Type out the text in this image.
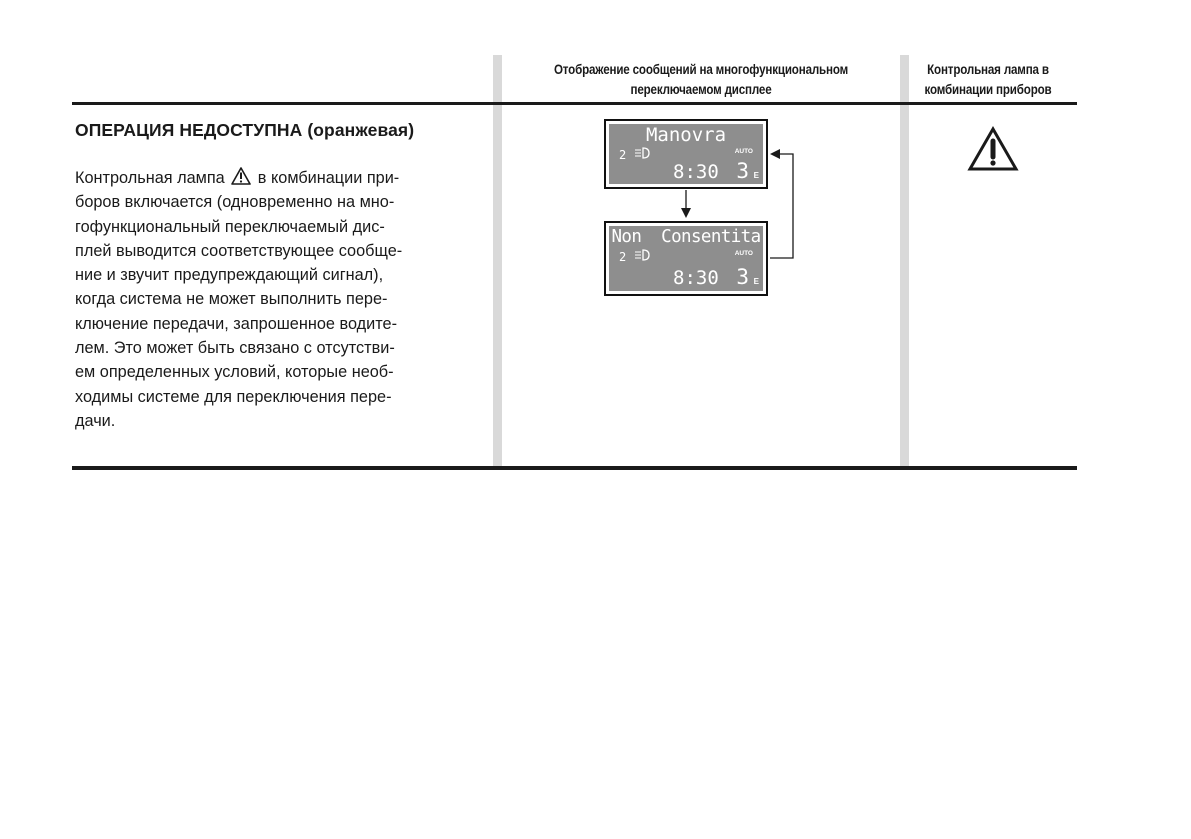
Отображение сообщений на многофункциональном
переключаемом дисплее
Контрольная лампа в
комбинации приборов
ОПЕРАЦИЯ НЕДОСТУПНА (оранжевая)
Контрольная лампа в комбинации при-
боров включается (одновременно на мно-
гофункциональный переключаемый дис-
плей выводится соответствующее сообще-
ние и звучит предупреждающий сигнал),
когда система не может выполнить пере-
ключение передачи, запрошенное водите-
лем. Это может быть связано с отсутстви-
ем определенных условий, которые необ-
ходимы системе для переключения пере-
дачи.
Manovra
2	AUTO
8:30 3 E
Non  Consentita
2	AUTO
8:30 3 E
